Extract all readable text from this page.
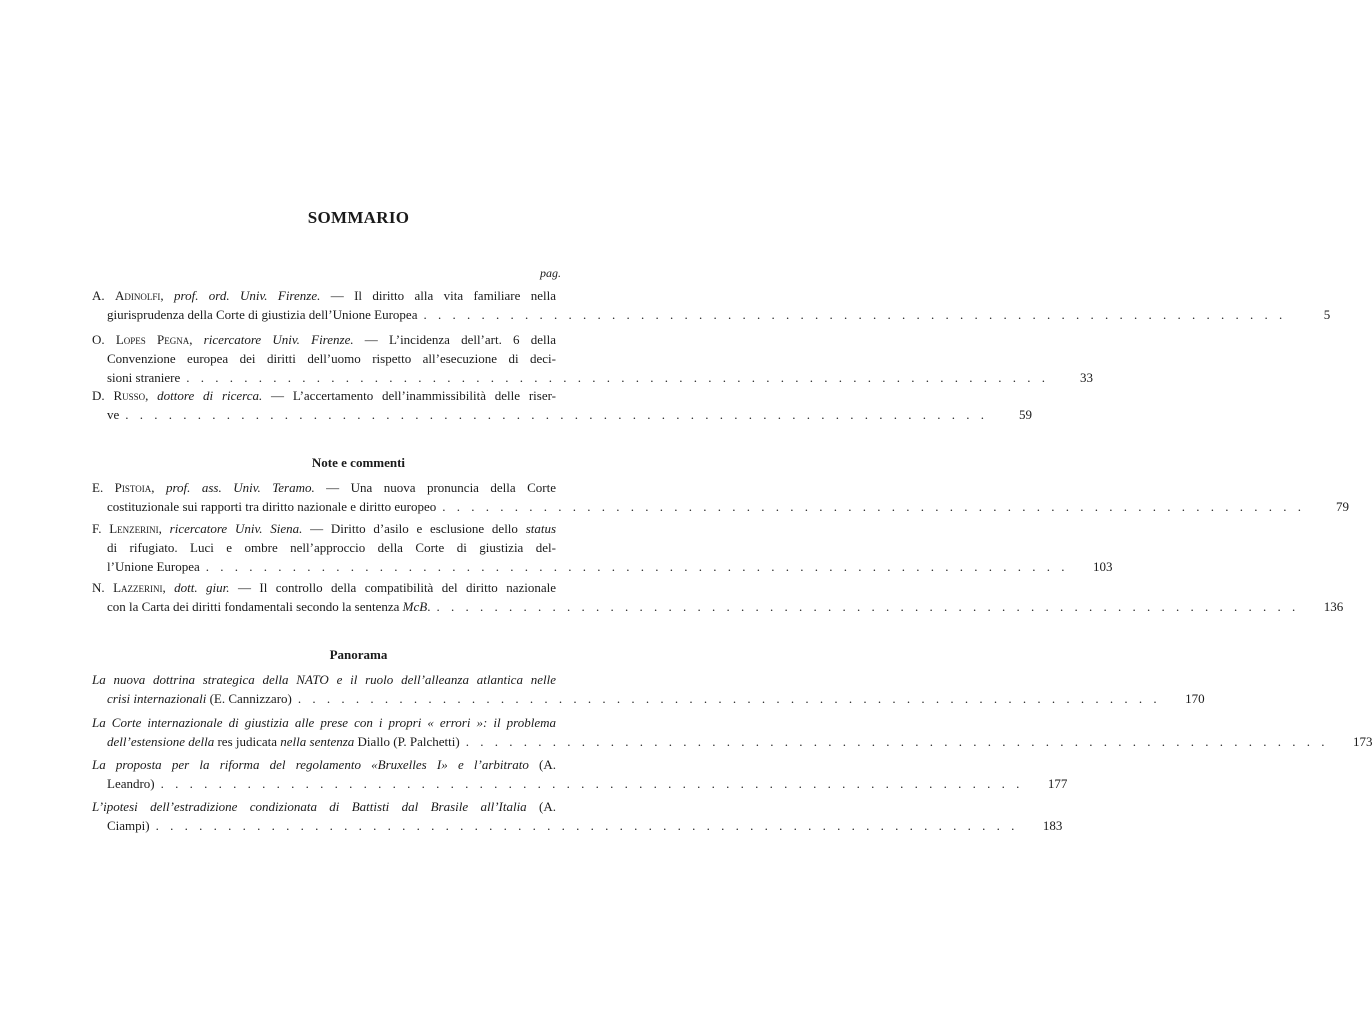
SOMMARIO
pag.
A. Adinolfi, prof. ord. Univ. Firenze. — Il diritto alla vita familiare nella
giurisprudenza della Corte di giustizia dell’Unione Europea . . . . . . . . . . . . . . . . . . . . . . . . . . . . . . . . . . . . . . . . . . . . . . . . . . . . . . . . . . . .	5
O. Lopes Pegna, ricercatore Univ. Firenze. — L’incidenza dell’art. 6 della
Convenzione europea dei diritti dell’uomo rispetto all’esecuzione di deci-
sioni straniere . . . . . . . . . . . . . . . . . . . . . . . . . . . . . . . . . . . . . . . . . . . . . . . . . . . . . . . . . . . .	33
D. Russo, dottore di ricerca. — L’accertamento dell’inammissibilità delle riser-
ve . . . . . . . . . . . . . . . . . . . . . . . . . . . . . . . . . . . . . . . . . . . . . . . . . . . . . . . . . . . .	59
Note e commenti
E. Pistoia, prof. ass. Univ. Teramo. — Una nuova pronuncia della Corte
costituzionale sui rapporti tra diritto nazionale e diritto europeo . . . . . . . . . . . . . . . . . . . . . . . . . . . . . . . . . . . . . . . . . . . . . . . . . . . . . . . . . . . .	79
F. Lenzerini, ricercatore Univ. Siena. — Diritto d’asilo e esclusione dello status
di rifugiato. Luci e ombre nell’approccio della Corte di giustizia del-
l’Unione Europea . . . . . . . . . . . . . . . . . . . . . . . . . . . . . . . . . . . . . . . . . . . . . . . . . . . . . . . . . . . .	103
N. Lazzerini, dott. giur. — Il controllo della compatibilità del diritto nazionale
con la Carta dei diritti fondamentali secondo la sentenza McB. . . . . . . . . . . . . . . . . . . . . . . . . . . . . . . . . . . . . . . . . . . . . . . . . . . . . . . . . . . . .	136
Panorama
La nuova dottrina strategica della NATO e il ruolo dell’alleanza atlantica nelle
crisi internazionali (E. Cannizzaro) . . . . . . . . . . . . . . . . . . . . . . . . . . . . . . . . . . . . . . . . . . . . . . . . . . . . . . . . . . . .	170
La Corte internazionale di giustizia alle prese con i propri « errori »: il problema
dell’estensione della res judicata nella sentenza Diallo (P. Palchetti) . . . . . . . . . . . . . . . . . . . . . . . . . . . . . . . . . . . . . . . . . . . . . . . . . . . . . . . . . . . .	173
La proposta per la riforma del regolamento «Bruxelles I» e l’arbitrato (A.
Leandro) . . . . . . . . . . . . . . . . . . . . . . . . . . . . . . . . . . . . . . . . . . . . . . . . . . . . . . . . . . . .	177
L’ipotesi dell’estradizione condizionata di Battisti dal Brasile all’Italia (A.
Ciampi) . . . . . . . . . . . . . . . . . . . . . . . . . . . . . . . . . . . . . . . . . . . . . . . . . . . . . . . . . . . .	183
